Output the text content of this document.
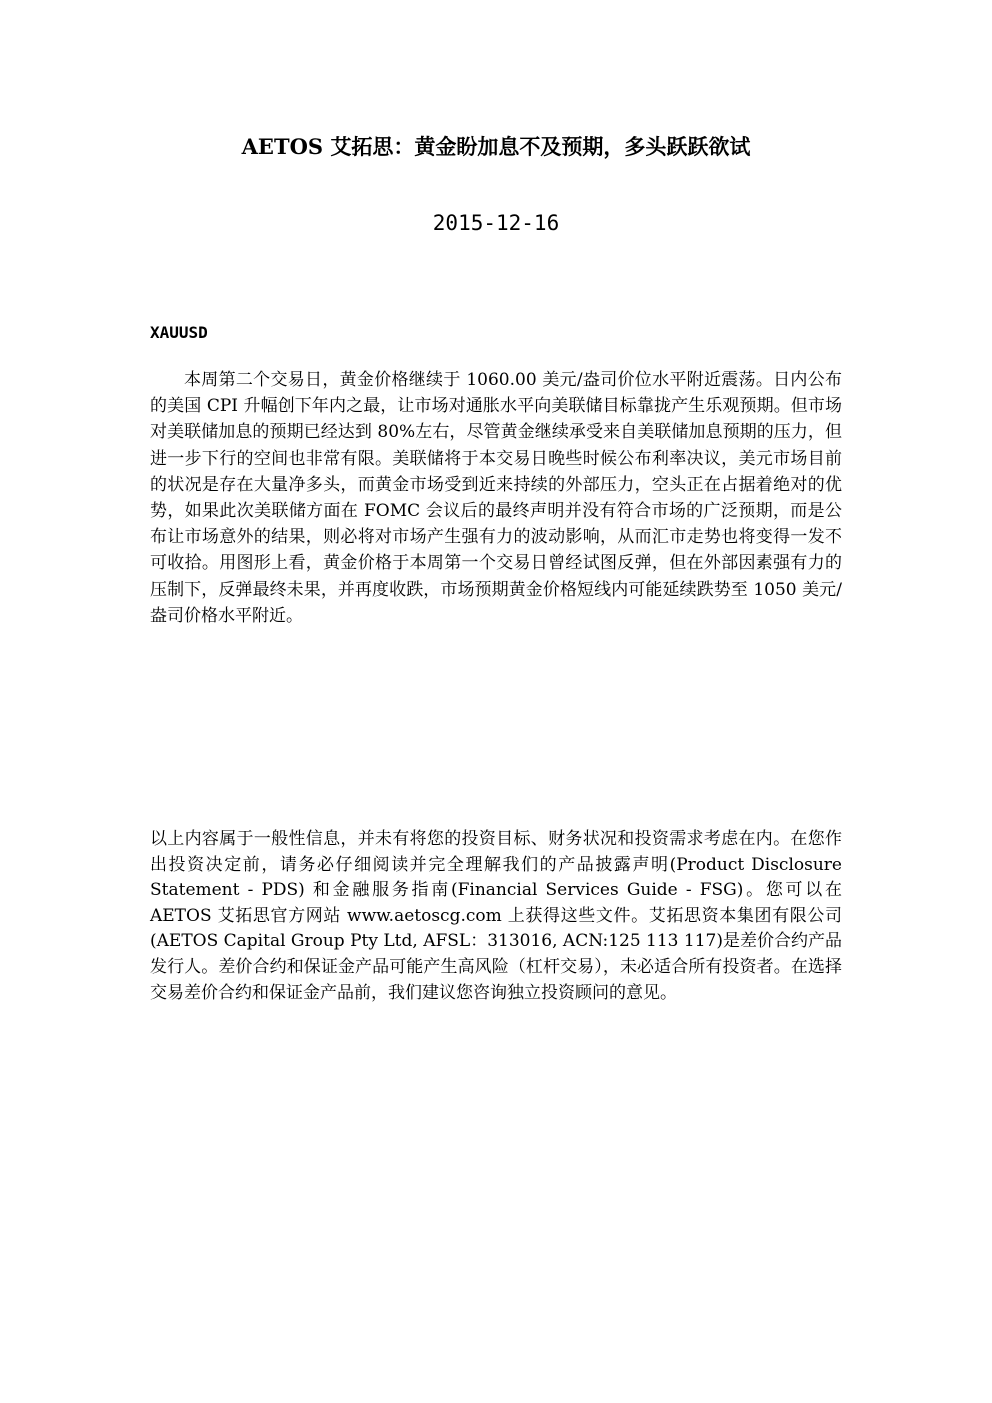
AETOS 艾拓思：黄金盼加息不及预期，多头跃跃欲试
2015-12-16
XAUUSD

本周第二个交易日，黄金价格继续于 1060.00 美元/盎司价位水平附近震荡。日内公布的美国 CPI 升幅创下年内之最，让市场对通胀水平向美联储目标靠拢产生乐观预期。但市场对美联储加息的预期已经达到 80%左右，尽管黄金继续承受来自美联储加息预期的压力，但进一步下行的空间也非常有限。美联储将于本交易日晚些时候公布利率决议，美元市场目前的状况是存在大量净多头，而黄金市场受到近来持续的外部压力，空头正在占据着绝对的优势，如果此次美联储方面在 FOMC 会议后的最终声明并没有符合市场的广泛预期，而是公布让市场意外的结果，则必将对市场产生强有力的波动影响，从而汇市走势也将变得一发不可收拾。用图形上看，黄金价格于本周第一个交易日曾经试图反弹，但在外部因素强有力的压制下，反弹最终未果，并再度收跌，市场预期黄金价格短线内可能延续跌势至 1050 美元/盎司价格水平附近。

以上内容属于一般性信息，并未有将您的投资目标、财务状况和投资需求考虑在内。在您作出投资决定前，请务必仔细阅读并完全理解我们的产品披露声明(Product Disclosure Statement - PDS) 和金融服务指南(Financial Services Guide - FSG)。您可以在 AETOS 艾拓思官方网站 www.aetoscg.com 上获得这些文件。艾拓思资本集团有限公司(AETOS Capital Group Pty Ltd, AFSL：313016, ACN:125 113 117)是差价合约产品发行人。差价合约和保证金产品可能产生高风险（杠杆交易），未必适合所有投资者。在选择交易差价合约和保证金产品前，我们建议您咨询独立投资顾问的意见。
